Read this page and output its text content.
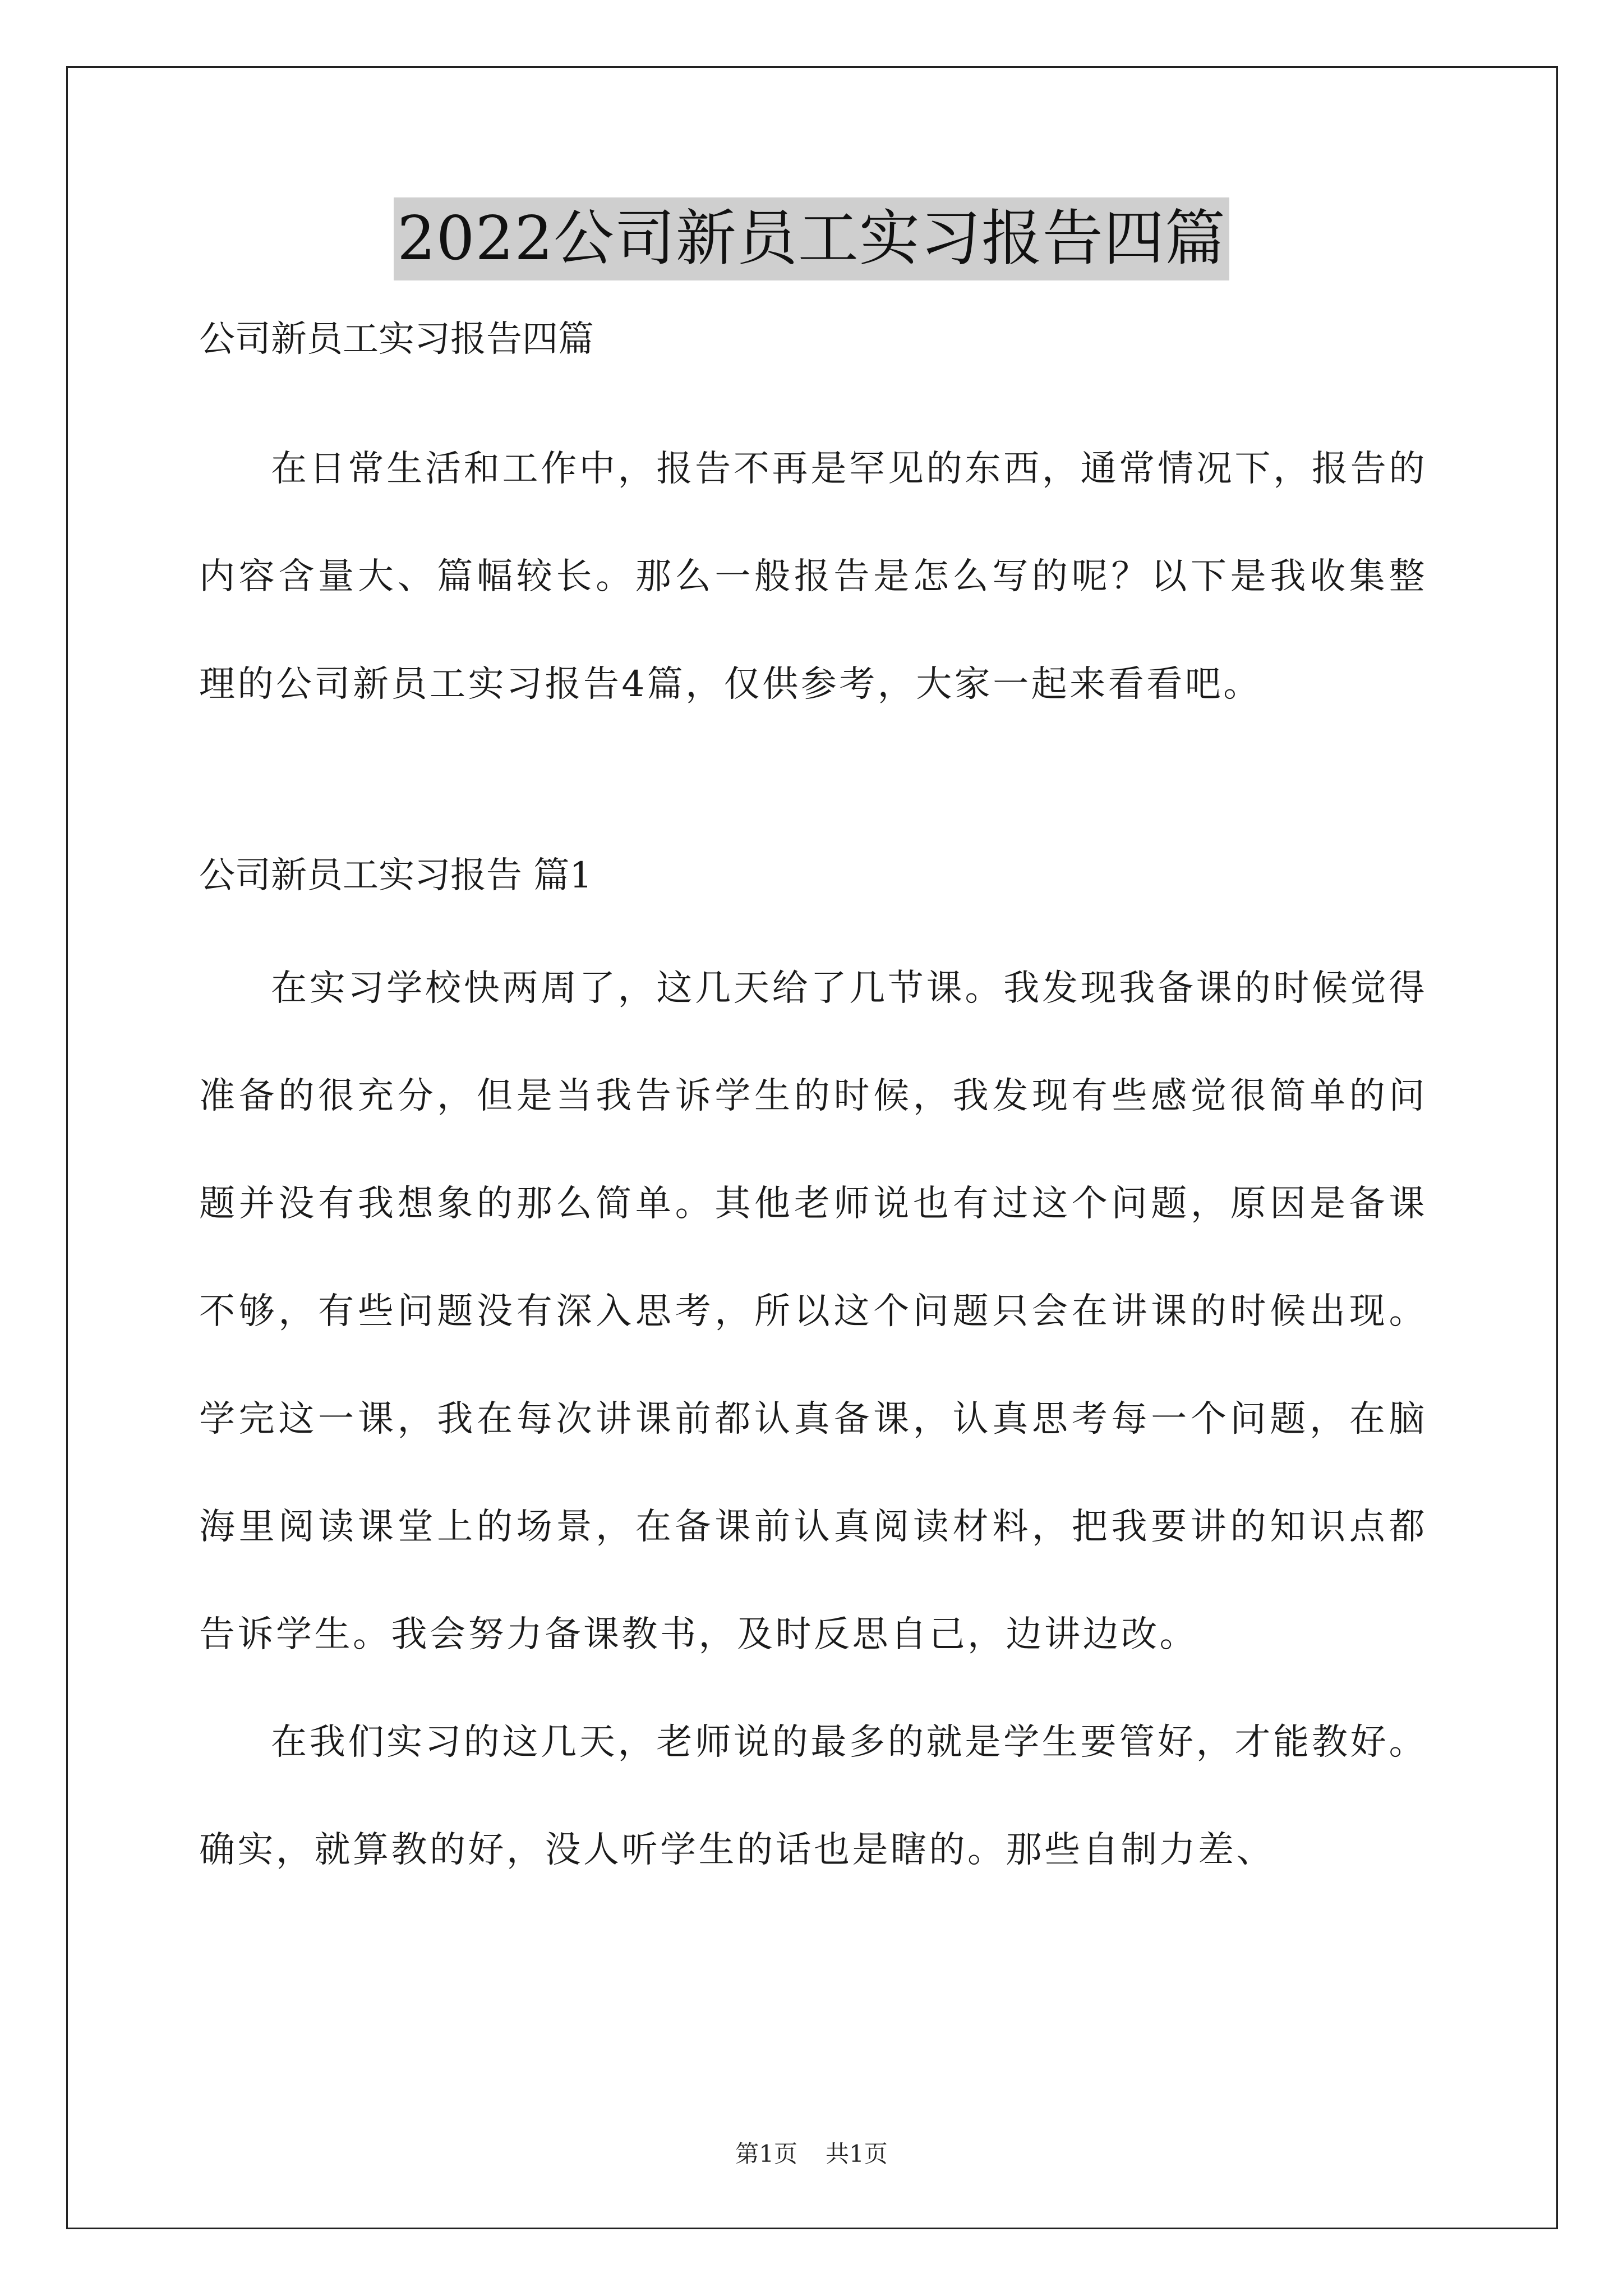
2022公司新员工实习报告四篇

公司新员工实习报告四篇

在日常生活和工作中，报告不再是罕见的东西，通常情况下，报告的内容含量大、篇幅较长。那么一般报告是怎么写的呢？以下是我收集整理的公司新员工实习报告4篇，仅供参考，大家一起来看看吧。

公司新员工实习报告 篇1

在实习学校快两周了，这几天给了几节课。我发现我备课的时候觉得准备的很充分，但是当我告诉学生的时候，我发现有些感觉很简单的问题并没有我想象的那么简单。其他老师说也有过这个问题，原因是备课不够，有些问题没有深入思考，所以这个问题只会在讲课的时候出现。学完这一课，我在每次讲课前都认真备课，认真思考每一个问题，在脑海里阅读课堂上的场景，在备课前认真阅读材料，把我要讲的知识点都告诉学生。我会努力备课教书，及时反思自己，边讲边改。

在我们实习的这几天，老师说的最多的就是学生要管好，才能教好。确实，就算教的好，没人听学生的话也是瞎的。那些自制力差、

第1页 共1页
